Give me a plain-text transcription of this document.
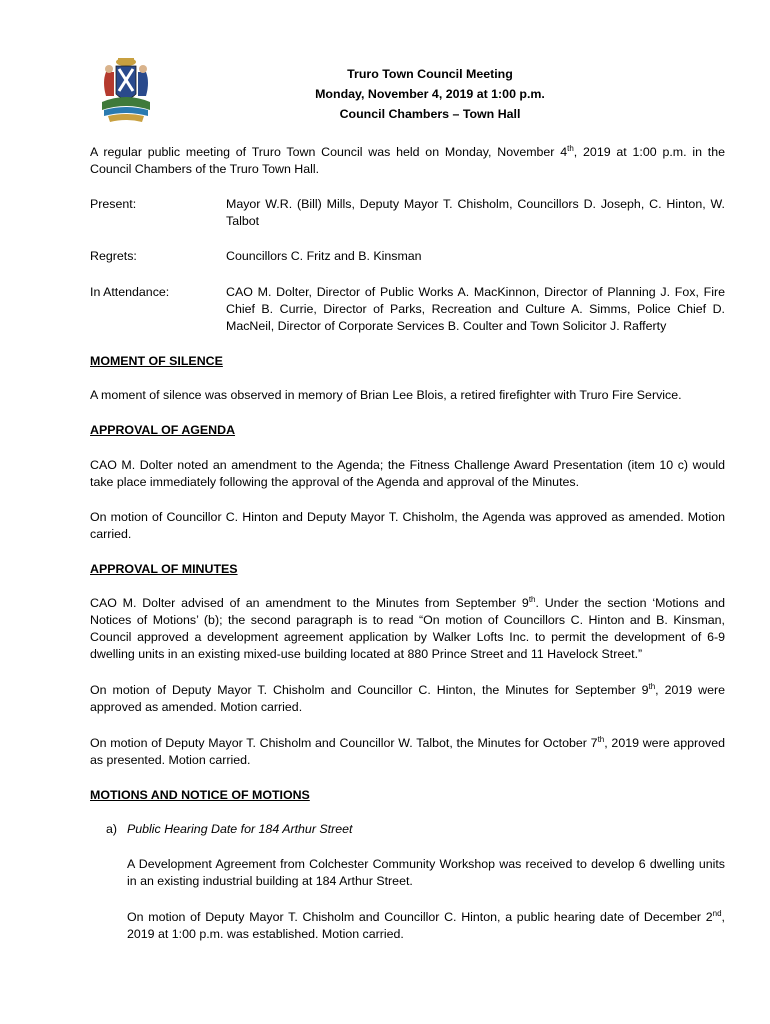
Truro Town Council Meeting
Monday, November 4, 2019 at 1:00 p.m.
Council Chambers – Town Hall
A regular public meeting of Truro Town Council was held on Monday, November 4th, 2019 at 1:00 p.m. in the Council Chambers of the Truro Town Hall.
Present:	Mayor W.R. (Bill) Mills, Deputy Mayor T. Chisholm, Councillors D. Joseph, C. Hinton, W. Talbot
Regrets:	Councillors C. Fritz and B. Kinsman
In Attendance:	CAO M. Dolter, Director of Public Works A. MacKinnon, Director of Planning J. Fox, Fire Chief B. Currie, Director of Parks, Recreation and Culture A. Simms, Police Chief D. MacNeil, Director of Corporate Services B. Coulter and Town Solicitor J. Rafferty
MOMENT OF SILENCE
A moment of silence was observed in memory of Brian Lee Blois, a retired firefighter with Truro Fire Service.
APPROVAL OF AGENDA
CAO M. Dolter noted an amendment to the Agenda; the Fitness Challenge Award Presentation (item 10 c) would take place immediately following the approval of the Agenda and approval of the Minutes.
On motion of Councillor C. Hinton and Deputy Mayor T. Chisholm, the Agenda was approved as amended. Motion carried.
APPROVAL OF MINUTES
CAO M. Dolter advised of an amendment to the Minutes from September 9th. Under the section ‘Motions and Notices of Motions’ (b); the second paragraph is to read “On motion of Councillors C. Hinton and B. Kinsman, Council approved a development agreement application by Walker Lofts Inc. to permit the development of 6-9 dwelling units in an existing mixed-use building located at 880 Prince Street and 11 Havelock Street.”
On motion of Deputy Mayor T. Chisholm and Councillor C. Hinton, the Minutes for September 9th, 2019 were approved as amended. Motion carried.
On motion of Deputy Mayor T. Chisholm and Councillor W. Talbot, the Minutes for October 7th, 2019 were approved as presented. Motion carried.
MOTIONS AND NOTICE OF MOTIONS
a) Public Hearing Date for 184 Arthur Street
A Development Agreement from Colchester Community Workshop was received to develop 6 dwelling units in an existing industrial building at 184 Arthur Street.
On motion of Deputy Mayor T. Chisholm and Councillor C. Hinton, a public hearing date of December 2nd, 2019 at 1:00 p.m. was established. Motion carried.
